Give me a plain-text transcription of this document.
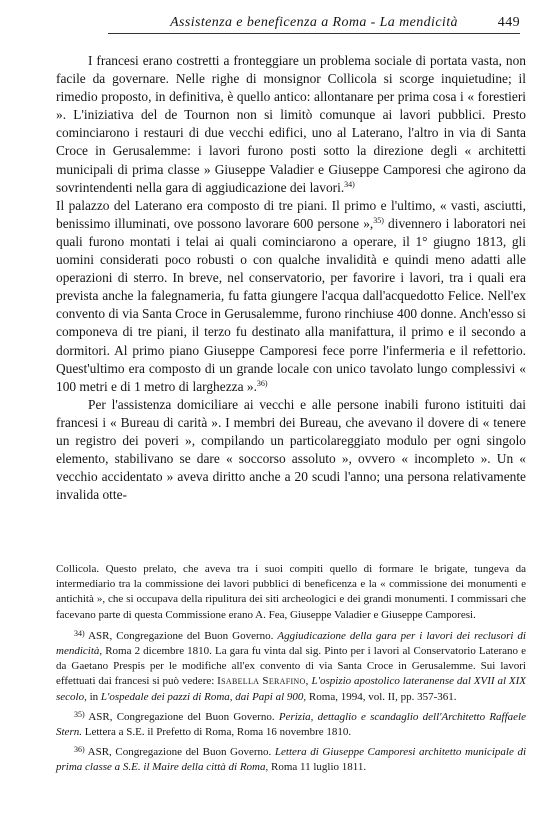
Assistenza e beneficenza a Roma - La mendicità	449

I francesi erano costretti a fronteggiare un problema sociale di portata vasta, non facile da governare. Nelle righe di monsignor Collicola si scorge inquietudine; il rimedio proposto, in definitiva, è quello antico: allontanare per prima cosa i « forestieri ». L'iniziativa del de Tournon non si limitò comunque ai lavori pubblici. Presto cominciarono i restauri di due vecchi edifici, uno al Laterano, l'altro in via di Santa Croce in Gerusalemme: i lavori furono posti sotto la direzione degli « architetti municipali di prima classe » Giuseppe Valadier e Giuseppe Camporesi che agirono da sovrintendenti nella gara di aggiudicazione dei lavori.$^{34)}$

Il palazzo del Laterano era composto di tre piani. Il primo e l'ultimo, « vasti, asciutti, benissimo illuminati, ove possono lavorare 600 persone »,$^{35)}$ divennero i laboratori nei quali furono montati i telai ai quali cominciarono a operare, il 1° giugno 1813, gli uomini considerati poco robusti o con qualche invalidità e quindi meno adatti alle operazioni di sterro. In breve, nel conservatorio, per favorire i lavori, tra i quali era prevista anche la falegnameria, fu fatta giungere l'acqua dall'acquedotto Felice. Nell'ex convento di via Santa Croce in Gerusalemme, furono rinchiuse 400 donne. Anch'esso si componeva di tre piani, il terzo fu destinato alla manifattura, il primo e il secondo a dormitori. Al primo piano Giuseppe Camporesi fece porre l'infermeria e il refettorio. Quest'ultimo era composto di un grande locale con unico tavolato lungo complessivi « 100 metri e di 1 metro di larghezza ».$^{36)}$

Per l'assistenza domiciliare ai vecchi e alle persone inabili furono istituiti dai francesi i « Bureau di carità ». I membri dei Bureau, che avevano il dovere di « tenere un registro dei poveri », compilando un particolareggiato modulo per ogni singolo elemento, stabilivano se dare « soccorso assoluto », ovvero « incompleto ». Un « vecchio accidentato » aveva diritto anche a 20 scudi l'anno; una persona relativamente invalida otte-

Collicola. Questo prelato, che aveva tra i suoi compiti quello di formare le brigate, tungeva da intermediario tra la commissione dei lavori pubblici di beneficenza e la « commissione dei monumenti e antichità », che si occupava della ripulitura dei siti archeologici e dei grandi monumenti. I commissari che facevano parte di questa Commissione erano A. Fea, Giuseppe Valadier e Giuseppe Camporesi.

$^{34)}$ ASR, Congregazione del Buon Governo. Aggiudicazione della gara per i lavori dei reclusori di mendicità, Roma 2 dicembre 1810. La gara fu vinta dal sig. Pinto per i lavori al Conservatorio Laterano e da Gaetano Prespis per le modifiche all'ex convento di via Santa Croce in Gerusalemme. Sui lavori effettuati dai francesi si può vedere: Isabella Serafino, L'ospizio apostolico lateranense dal XVII al XIX secolo, in L'ospedale dei pazzi di Roma, dai Papi al 900, Roma, 1994, vol. II, pp. 357-361.

$^{35)}$ ASR, Congregazione del Buon Governo. Perizia, dettaglio e scandaglio dell'Architetto Raffaele Stern. Lettera a S.E. il Prefetto di Roma, Roma 16 novembre 1810.

$^{36)}$ ASR, Congregazione del Buon Governo. Lettera di Giuseppe Camporesi architetto municipale di prima classe a S.E. il Maire della città di Roma, Roma 11 luglio 1811.
